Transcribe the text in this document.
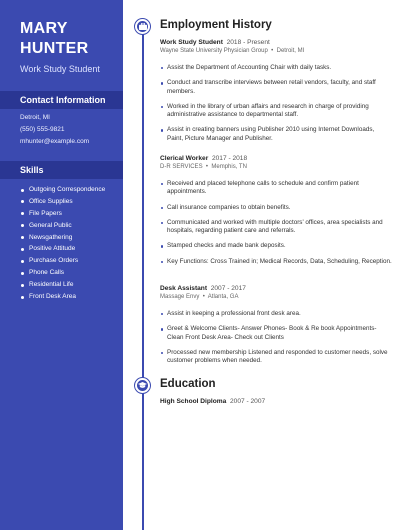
MARY
HUNTER
Work Study Student
Contact Information
Detroit, MI
(550) 555-9821
mhunter@example.com
Skills
Outgoing Correspondence
Office Supplies
File Papers
General Public
Newsgathering
Positive Attitude
Purchase Orders
Phone Calls
Residential Life
Front Desk Area
Employment History
Work Study Student 2018 - Present
Wayne State University Physician Group  •  Detroit, MI
Assist the Department of Accounting Chair with daily tasks.
Conduct and transcribe interviews between retail vendors, faculty, and staff members.
Worked in the library of urban affairs and research in charge of providing administrative assistance to departmental staff.
Assist in creating banners using Publisher 2010 using Internet Downloads, Paint, Picture Manager and Publisher.
Clerical Worker 2017 - 2018
D-R SERVICES  •  Memphis, TN
Received and placed telephone calls to schedule and confirm patient appointments.
Call insurance companies to obtain benefits.
Communicated and worked with multiple doctors' offices, area specialists and hospitals, regarding patient care and referrals.
Stamped checks and made bank deposits.
Key Functions: Cross Trained in; Medical Records, Data, Scheduling, Reception.
Desk Assistant 2007 - 2017
Massage Envy  •  Atlanta, GA
Assist in keeping a professional front desk area.
Greet & Welcome Clients- Answer Phones- Book & Re book Appointments- Clean Front Desk Area- Check out Clients
Processed new membership Listened and responded to customer needs, solve customer problems when needed.
Education
High School Diploma 2007 - 2007
